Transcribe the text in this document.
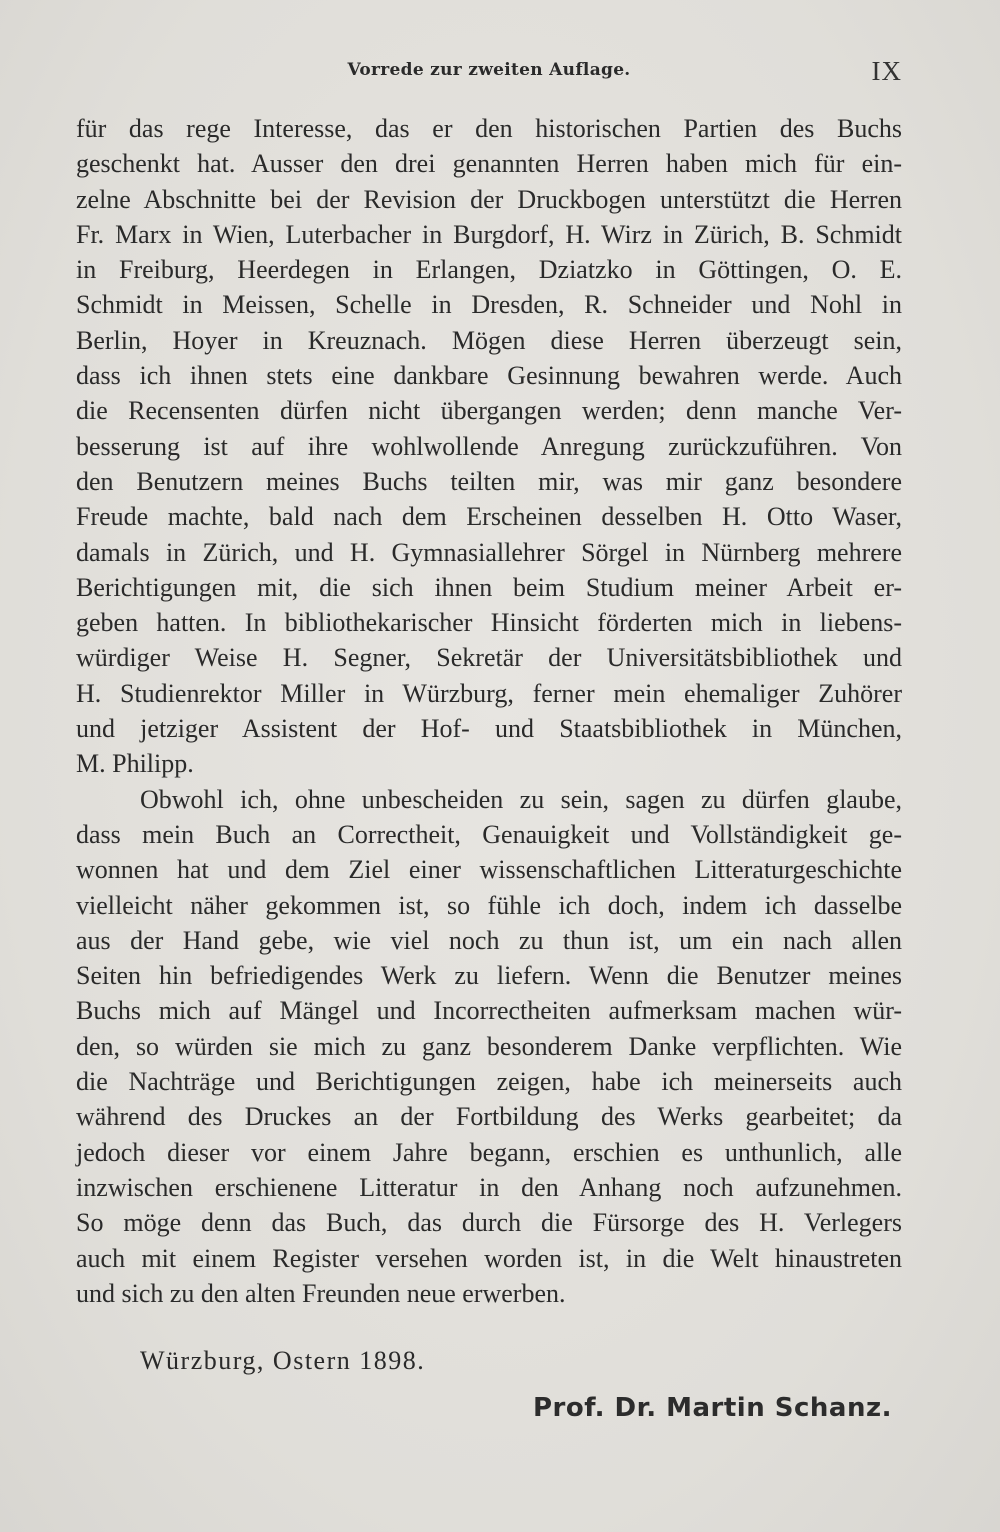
Vorrede zur zweiten Auflage.	IX
für das rege Interesse, das er den historischen Partien des Buchs
geschenkt hat. Ausser den drei genannten Herren haben mich für ein-
zelne Abschnitte bei der Revision der Druckbogen unterstützt die Herren
Fr. Marx in Wien, Luterbacher in Burgdorf, H. Wirz in Zürich, B. Schmidt
in Freiburg, Heerdegen in Erlangen, Dziatzko in Göttingen, O. E.
Schmidt in Meissen, Schelle in Dresden, R. Schneider und Nohl in
Berlin, Hoyer in Kreuznach. Mögen diese Herren überzeugt sein,
dass ich ihnen stets eine dankbare Gesinnung bewahren werde. Auch
die Recensenten dürfen nicht übergangen werden; denn manche Ver-
besserung ist auf ihre wohlwollende Anregung zurückzuführen. Von
den Benutzern meines Buchs teilten mir, was mir ganz besondere
Freude machte, bald nach dem Erscheinen desselben H. Otto Waser,
damals in Zürich, und H. Gymnasiallehrer Sörgel in Nürnberg mehrere
Berichtigungen mit, die sich ihnen beim Studium meiner Arbeit er-
geben hatten. In bibliothekarischer Hinsicht förderten mich in liebens-
würdiger Weise H. Segner, Sekretär der Universitätsbibliothek und
H. Studienrektor Miller in Würzburg, ferner mein ehemaliger Zuhörer
und jetziger Assistent der Hof- und Staatsbibliothek in München,
M. Philipp.
Obwohl ich, ohne unbescheiden zu sein, sagen zu dürfen glaube,
dass mein Buch an Correctheit, Genauigkeit und Vollständigkeit ge-
wonnen hat und dem Ziel einer wissenschaftlichen Litteraturgeschichte
vielleicht näher gekommen ist, so fühle ich doch, indem ich dasselbe
aus der Hand gebe, wie viel noch zu thun ist, um ein nach allen
Seiten hin befriedigendes Werk zu liefern. Wenn die Benutzer meines
Buchs mich auf Mängel und Incorrectheiten aufmerksam machen wür-
den, so würden sie mich zu ganz besonderem Danke verpflichten. Wie
die Nachträge und Berichtigungen zeigen, habe ich meinerseits auch
während des Druckes an der Fortbildung des Werks gearbeitet; da
jedoch dieser vor einem Jahre begann, erschien es unthunlich, alle
inzwischen erschienene Litteratur in den Anhang noch aufzunehmen.
So möge denn das Buch, das durch die Fürsorge des H. Verlegers
auch mit einem Register versehen worden ist, in die Welt hinaustreten
und sich zu den alten Freunden neue erwerben.
Würzburg, Ostern 1898.
Prof. Dr. Martin Schanz.
